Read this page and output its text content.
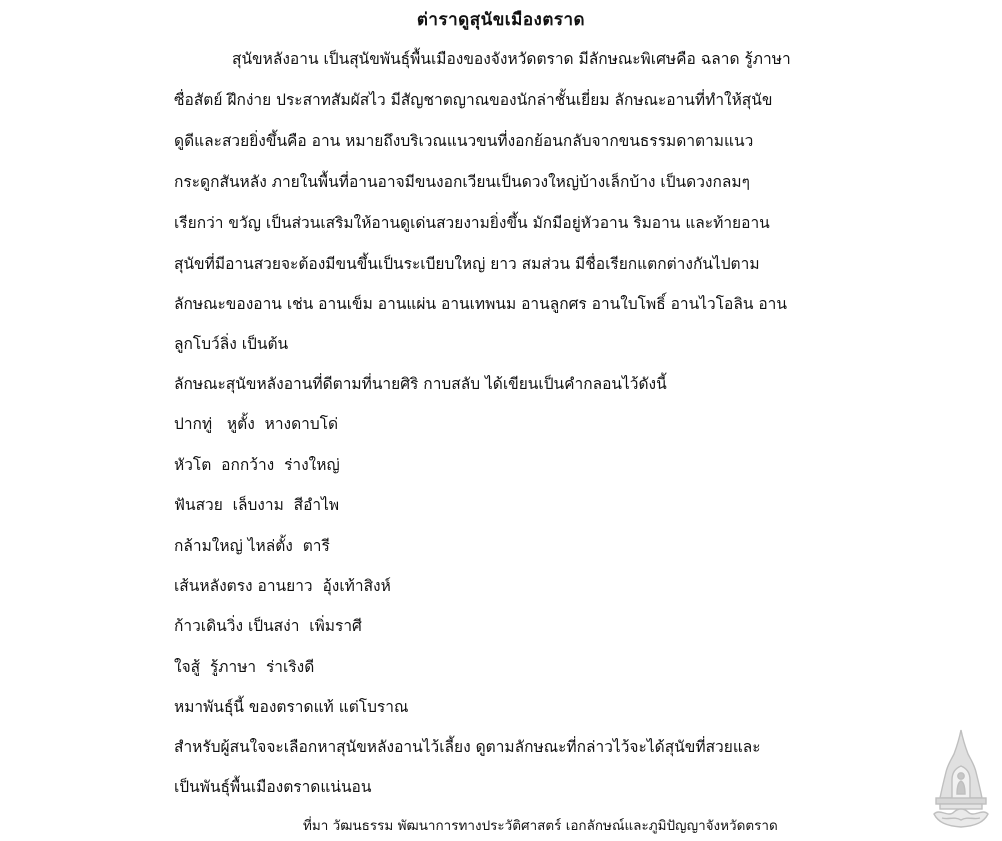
ต่าราดูสุนัขเมืองตราด
สุนัขหลังอาน เป็นสุนัขพันธุ์พื้นเมืองของจังหวัดตราด มีลักษณะพิเศษคือ ฉลาด รู้ภาษา
ซื่อสัตย์ ฝึกง่าย ประสาทสัมผัสไว มีสัญชาตญาณของนักล่าชั้นเยี่ยม ลักษณะอานที่ทำให้สุนัข
ดูดีและสวยยิ่งขึ้นคือ อาน หมายถึงบริเวณแนวขนที่งอกย้อนกลับจากขนธรรมดาตามแนว
กระดูกสันหลัง ภายในพื้นที่อานอาจมีขนงอกเวียนเป็นดวงใหญ่บ้างเล็กบ้าง เป็นดวงกลมๆ
เรียกว่า ขวัญ เป็นส่วนเสริมให้อานดูเด่นสวยงามยิ่งขึ้น มักมีอยู่หัวอาน ริมอาน และท้ายอาน
สุนัขที่มีอานสวยจะต้องมีขนขึ้นเป็นระเบียบใหญ่ ยาว สมส่วน มีชื่อเรียกแตกต่างกันไปตาม
ลักษณะของอาน เช่น อานเข็ม อานแผ่น อานเทพนม อานลูกศร อานใบโพธิ์ อานไวโอลิน อาน
ลูกโบว์ลิ่ง เป็นต้น
ลักษณะสุนัขหลังอานที่ดีตามที่นายศิริ กาบสลับ ได้เขียนเป็นคำกลอนไว้ดังนี้
ปากทู่   หูตั้ง  หางดาบโด่
หัวโต  อกกว้าง  ร่างใหญ่
ฟันสวย  เล็บงาม  สีอำไพ
กล้ามใหญ่ ไหล่ตั้ง  ตารี
เส้นหลังตรง อานยาว  อุ้งเท้าสิงห์
ก้าวเดินวิ่ง เป็นสง่า  เพิ่มราศี
ใจสู้  รู้ภาษา  ร่าเริงดี
หมาพันธุ์นี้ ของตราดแท้ แต่โบราณ
สำหรับผู้สนใจจะเลือกหาสุนัขหลังอานไว้เลี้ยง ดูตามลักษณะที่กล่าวไว้จะได้สุนัขที่สวยและ
เป็นพันธุ์พื้นเมืองตราดแน่นอน
ที่มา วัฒนธรรม พัฒนาการทางประวัติศาสตร์ เอกลักษณ์และภูมิปัญญาจังหวัดตราด
